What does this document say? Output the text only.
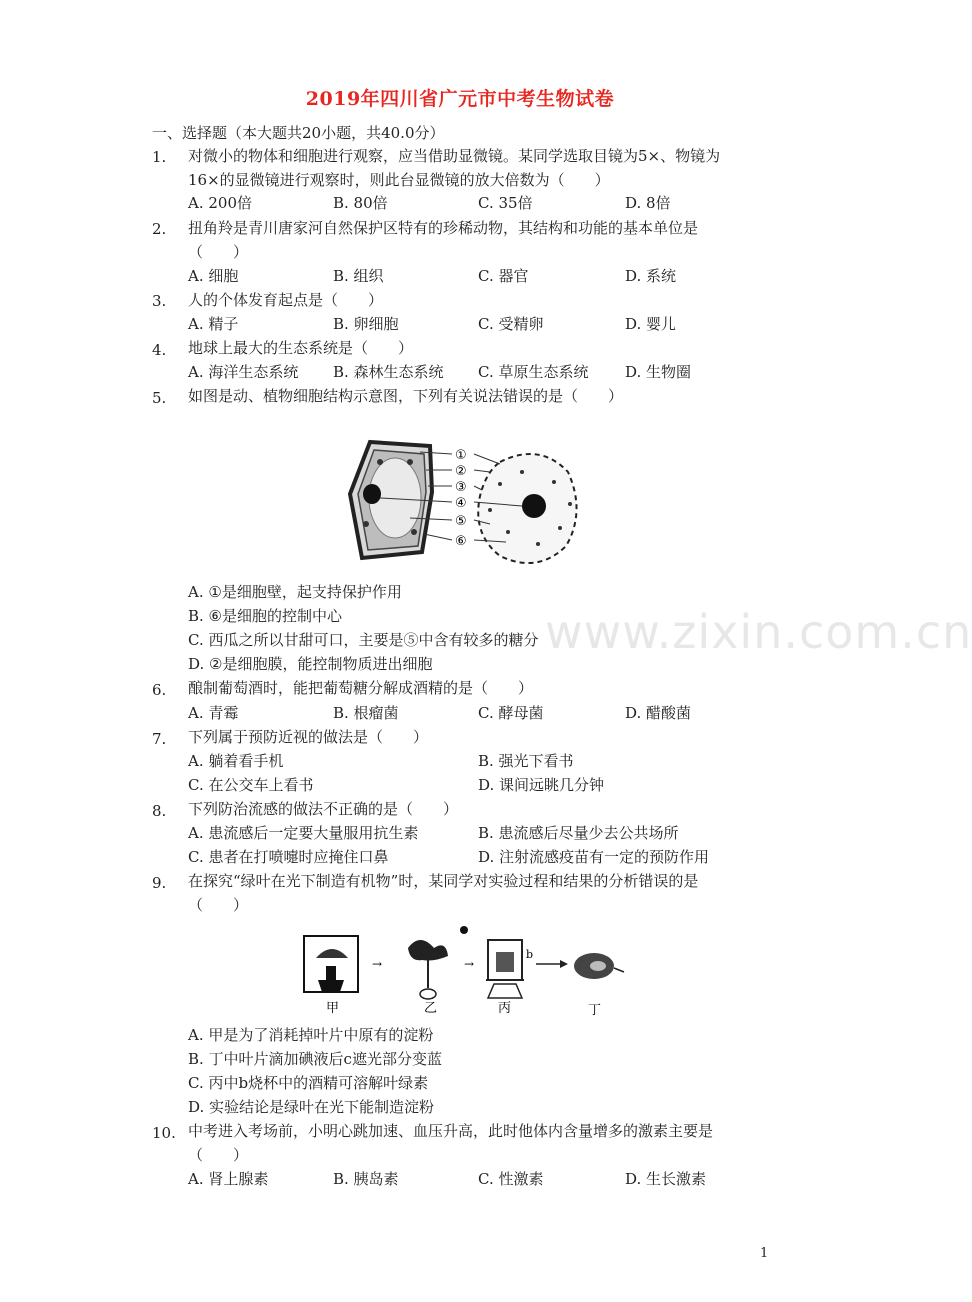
2019年四川省广元市中考生物试卷
一、选择题（本大题共20小题，共40.0分）
1. 对微小的物体和细胞进行观察，应当借助显微镜。某同学选取目镜为5×、物镜为
16×的显微镜进行观察时，则此台显微镜的放大倍数为（　　）
A. 200倍	B. 80倍	C. 35倍	D. 8倍
2. 扭角羚是青川唐家河自然保护区特有的珍稀动物，其结构和功能的基本单位是
（　　）
A. 细胞	B. 组织	C. 器官	D. 系统
3. 人的个体发育起点是（　　）
A. 精子	B. 卵细胞	C. 受精卵	D. 婴儿
4. 地球上最大的生态系统是（　　）
A. 海洋生态系统 B. 森林生态系统 C. 草原生态系统 D. 生物圈
5. 如图是动、植物细胞结构示意图，下列有关说法错误的是（　　）
①
②
③
④
⑤
⑥
A. ①是细胞壁，起支持保护作用
B. ⑥是细胞的控制中心
C. 西瓜之所以甘甜可口，主要是⑤中含有较多的糖分
D. ②是细胞膜，能控制物质进出细胞
6. 酿制葡萄酒时，能把葡萄糖分解成酒精的是（　　）
A. 青霉	B. 根瘤菌	C. 酵母菌	D. 醋酸菌
7. 下列属于预防近视的做法是（　　）
A. 躺着看手机	B. 强光下看书
C. 在公交车上看书	D. 课间远眺几分钟
8. 下列防治流感的做法不正确的是（　　）
A. 患流感后一定要大量服用抗生素	B. 患流感后尽量少去公共场所
C. 患者在打喷嚏时应掩住口鼻	D. 注射流感疫苗有一定的预防作用
9. 在探究“绿叶在光下制造有机物”时，某同学对实验过程和结果的分析错误的是
（　　）
→	→
b
甲	乙	丙	丁
A. 甲是为了消耗掉叶片中原有的淀粉
B. 丁中叶片滴加碘液后c遮光部分变蓝
C. 丙中b烧杯中的酒精可溶解叶绿素
D. 实验结论是绿叶在光下能制造淀粉
10. 中考进入考场前，小明心跳加速、血压升高，此时他体内含量增多的激素主要是
（　　）
A. 肾上腺素	B. 胰岛素	C. 性激素	D. 生长激素
www.zixin.com.cn
1
